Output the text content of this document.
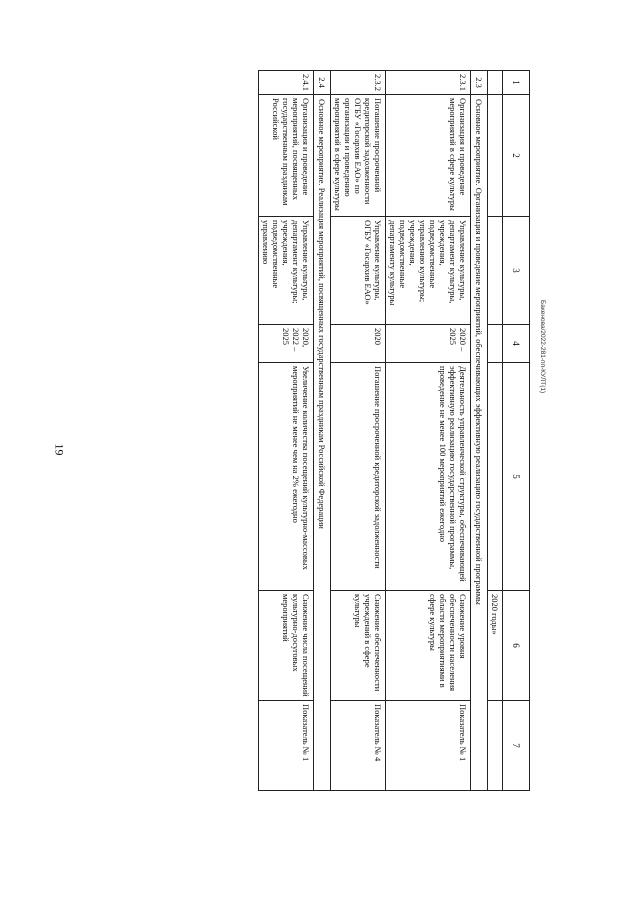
19
Бакенова/2022-281-пп-КУЛТ(1)
1	2	3	4	5	6	7
					2020 годы»	
2.3	Основное мероприятие. Организация и проведение мероприятий, обеспечивающих эффективную реализацию государственной программы					
2.3.1	Организация и проведение мероприятий в сфере культуры	Управление культуры, департамент культуры, учреждения, подведомственные управлению культуры; учреждения, подведомственные департаменту культуры	2020 – 2025	Деятельность управленческой структуры, обеспечивающей эффективную реализацию государственной программы, проведение не менее 100 мероприятий ежегодно	Снижение уровня обеспеченности населения области мероприятиями в сфере культуры	Показатель № 1
2.3.2	Погашение просроченной кредиторской задолженности ОГБУ «Госархив ЕАО» по организации и проведению мероприятий в сфере культуры	Управление культуры, ОГБУ «Госархив ЕАО»	2020	Погашение просроченной кредиторской задолженности	Снижение обеспеченности учреждений в сфере культуры	Показатель № 4
2.4	Основное мероприятие. Реализация мероприятий, посвященных государственным праздникам Российской Федерации					
2.4.1	Организация и проведение мероприятий, посвященных государственным праздникам Российской	Управление культуры, департамент культуры; учреждения, подведомственные управлению	2020, 2022 – 2025	Увеличение количества посещений культурно-массовых мероприятий не менее чем на 2% ежегодно	Снижение числа посещений культурно-досуговых мероприятий	Показатель № 1
